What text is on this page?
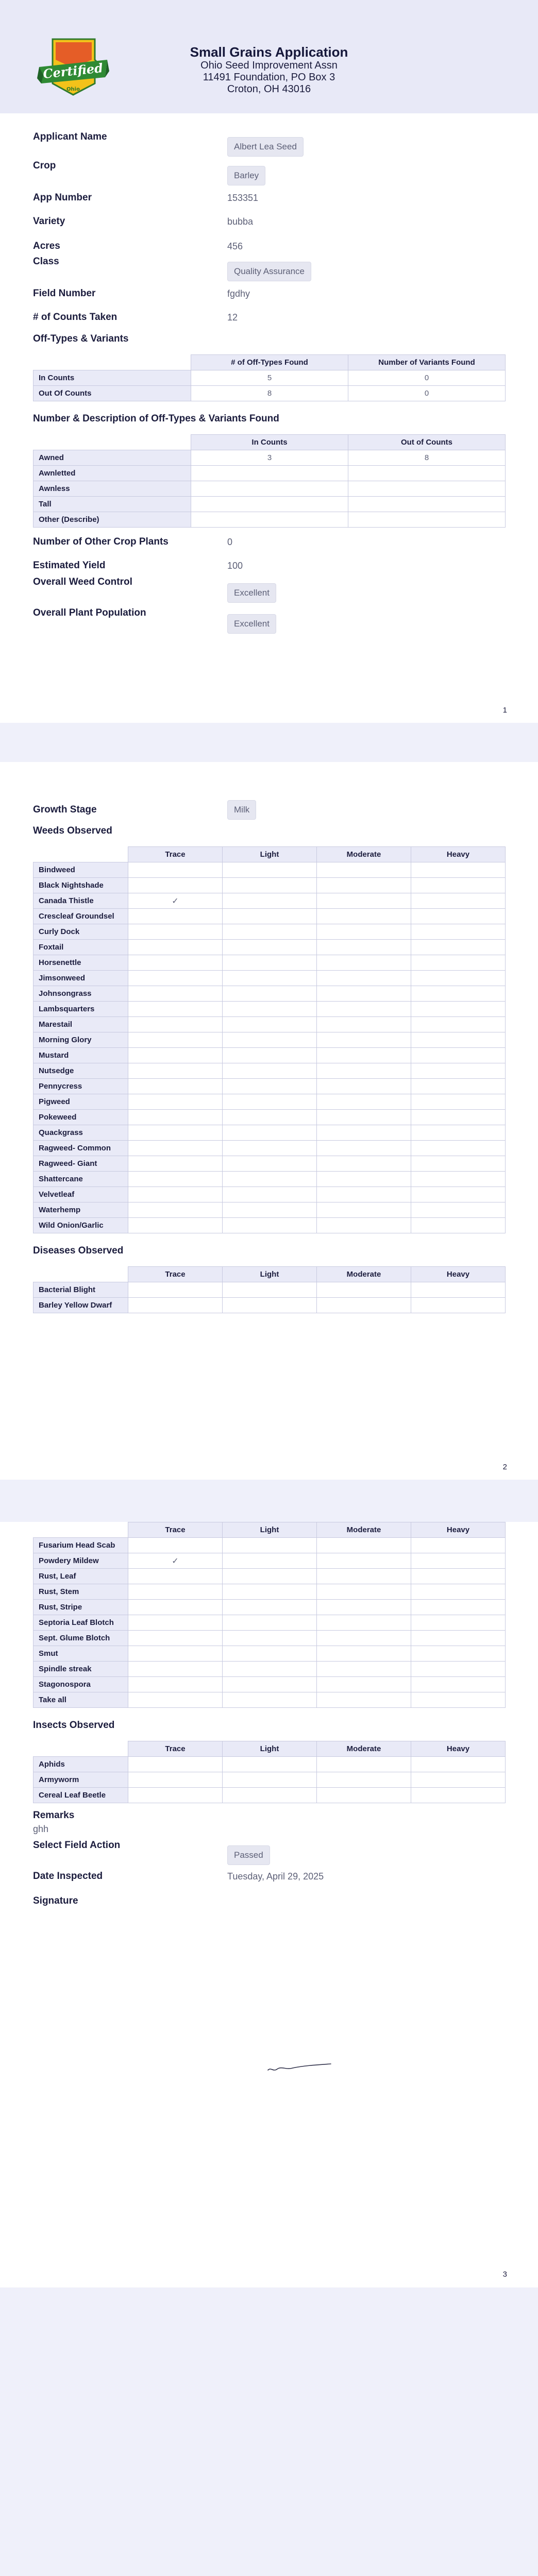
Certified
Ohio
Small Grains Application
Ohio Seed Improvement Assn
11491 Foundation, PO Box 3
Croton, OH 43016
Applicant Name
Albert Lea Seed
Crop
Barley
App Number	153351
Variety	bubba
Acres	456
Class
Quality Assurance
Field Number	fgdhy
# of Counts Taken	12
Off-Types & Variants
	# of Off-Types Found	Number of Variants Found
In Counts	5	0
Out Of Counts	8	0
Number & Description of Off-Types & Variants Found
	In Counts	Out of Counts
Awned	3	8
Awnletted		
Awnless		
Tall		
Other (Describe)		
Number of Other Crop Plants	0
Estimated Yield	100
Overall Weed Control
Excellent
Overall Plant Population
Excellent
1
Growth Stage	Milk
Weeds Observed
	Trace	Light	Moderate	Heavy
Bindweed				
Black Nightshade				
Canada Thistle	✓			
Crescleaf Groundsel				
Curly Dock				
Foxtail				
Horsenettle				
Jimsonweed				
Johnsongrass				
Lambsquarters				
Marestail				
Morning Glory				
Mustard				
Nutsedge				
Pennycress				
Pigweed				
Pokeweed				
Quackgrass				
Ragweed- Common				
Ragweed- Giant				
Shattercane				
Velvetleaf				
Waterhemp				
Wild Onion/Garlic				
Diseases Observed
	Trace	Light	Moderate	Heavy
Bacterial Blight				
Barley Yellow Dwarf				
2
	Trace	Light	Moderate	Heavy
Fusarium Head Scab				
Powdery Mildew	✓			
Rust, Leaf				
Rust, Stem				
Rust, Stripe				
Septoria Leaf Blotch				
Sept. Glume Blotch				
Smut				
Spindle streak				
Stagonospora				
Take all				
Insects Observed
	Trace	Light	Moderate	Heavy
Aphids				
Armyworm				
Cereal Leaf Beetle				
Remarks
ghh
Select Field Action
Passed
Date Inspected	Tuesday, April 29, 2025
Signature
3
